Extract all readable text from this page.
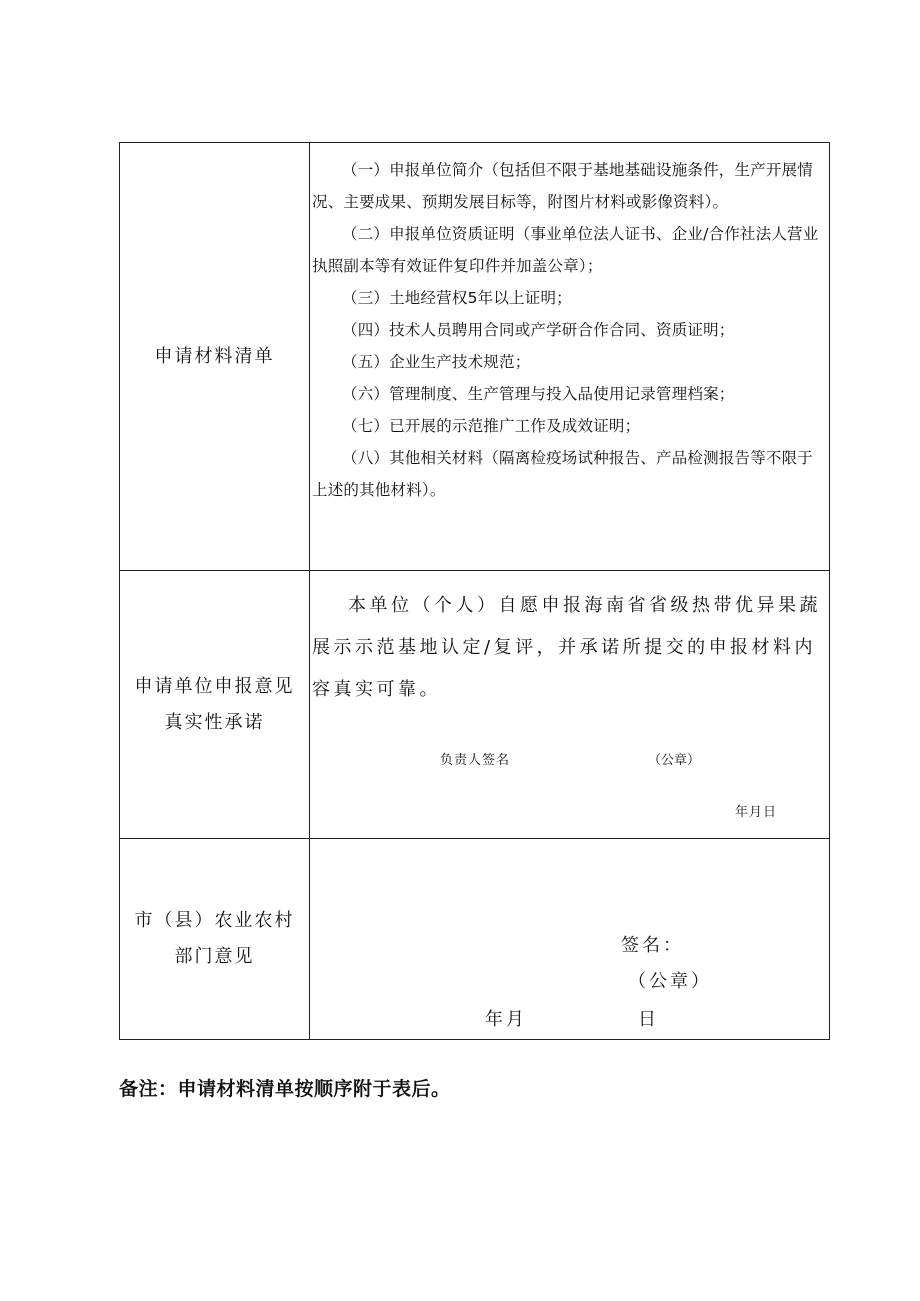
申请材料清单
（一）申报单位简介（包括但不限于基地基础设施条件，生产开展情况、主要成果、预期发展目标等，附图片材料或影像资料）。
（二）申报单位资质证明（事业单位法人证书、企业/合作社法人营业执照副本等有效证件复印件并加盖公章）；
（三）土地经营权5年以上证明；
（四）技术人员聘用合同或产学研合作合同、资质证明；
（五）企业生产技术规范；
（六）管理制度、生产管理与投入品使用记录管理档案；
（七）已开展的示范推广工作及成效证明；
（八）其他相关材料（隔离检疫场试种报告、产品检测报告等不限于上述的其他材料）。
申请单位申报意见
真实性承诺
本单位（个人）自愿申报海南省省级热带优异果蔬展示示范基地认定/复评，并承诺所提交的申报材料内容真实可靠。
负责人签名	（公章）
年月日
市（县）农业农村
部门意见
签名：
（公章）
年月	日
备注：申请材料清单按顺序附于表后。
